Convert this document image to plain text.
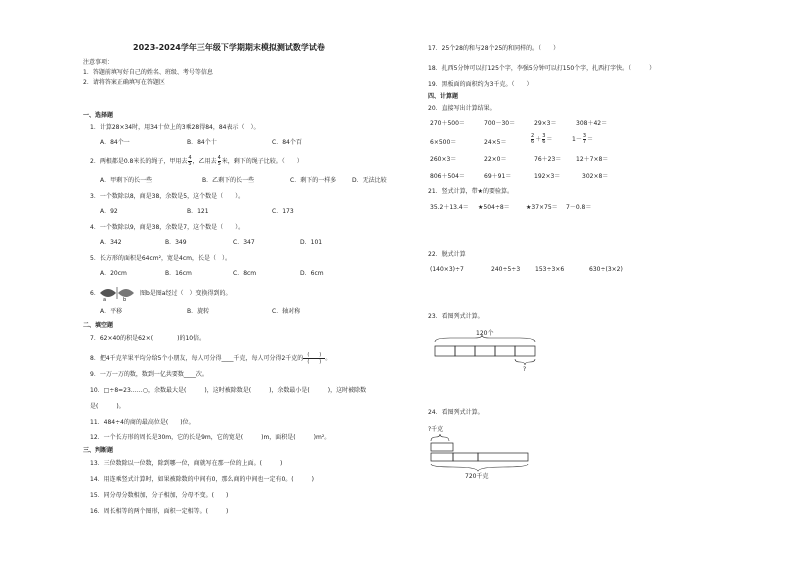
2023-2024学年三年级下学期期末模拟测试数学试卷
注意事项：
1．答题前填写好自己的姓名、班级、考号等信息
2．请将答案正确填写在答题区
一、选择题
1．计算28×34时，用34十位上的3乘28得84，84表示（　）。
A．84个一	B．84个十	C．84个百
2．两根都是0.8米长的绳子，甲用去 $\frac{4}{5}$ ，乙用去 $\frac{4}{5}$ 米，剩下的绳子比较。（　　）
A．甲剩下的长一些	B．乙剩下的长一些	C．剩下的一样多	D．无法比较
3．一个数除以8，商是38，余数是5，这个数是（　　）。
A．92	B．121	C．173
4．一个数除以9，商是38，余数是7，这个数是（　　）。
A．342	B．349	C．347	D．101
5．长方形的面积是64cm²，宽是4cm，长是（　）。
A．20cm	B．16cm	C．8cm	D．6cm
6．
a	b
图b是图a经过（　）变换得到的。
A．平移	B．旋转	C．轴对称
二、填空题
7．62×40的积是62×(　　　　)的10倍。
8．把4千克苹果平均分给5个小朋友，每人可分得____千克，每人可分得2千克的 $\frac{( )}{( )}$ 。
9．一万一万的数，数到一亿共要数____次。
10．□÷8=23……○，余数最大是(　　　)，这时被除数是(　　　)，余数最小是(　　　)，这时被除数
是(　　　)。
11．484÷4的商的最高位是(　　)位。
12．一个长方形的周长是30m，它的长是9m，它的宽是(　　　)m，面积是(　　　)m²。
三、判断题
13．三位数除以一位数，除到哪一位，商就写在那一位的上面。(　　　)
14．用连乘竖式计算时，如果被除数的中间有0，那么商的中间也一定有0。(　　　)
15．同分母分数相加，分子相加，分母不变。(　　)
16．周长相等的两个图形，面积一定相等。(　　　)
17．25个28的和与28个25的和同样的。（　　）
18．扎西5分钟可以打125个字，李强5分钟可以打150个字，扎西打字快。（　　　）
19．黑板面的面积约为3千克。（　　）
四、计算题
20．直接写出计算结果。
270＋500＝	700－30＝	29×3＝	308＋42＝
6×500＝	24×5＝	$\frac{2}{6} + \frac{3}{6}$ ＝	$1- \frac{3}{7}$ ＝
260×3＝	22×0＝	76＋23＝ 12＋7×8＝
806＋504＝	69＋91＝	192×3＝	302×8＝
21．竖式计算，带★的要验算。
35.2＋13.4＝ ★504÷8＝	★37×75＝ 7－0.8＝
22．脱式计算
(140×3)÷7	240÷5÷3 153÷3×6	630÷(3×2)
23．看图列式计算。
120个
?
24．看图列式计算。
?千克
720千克
